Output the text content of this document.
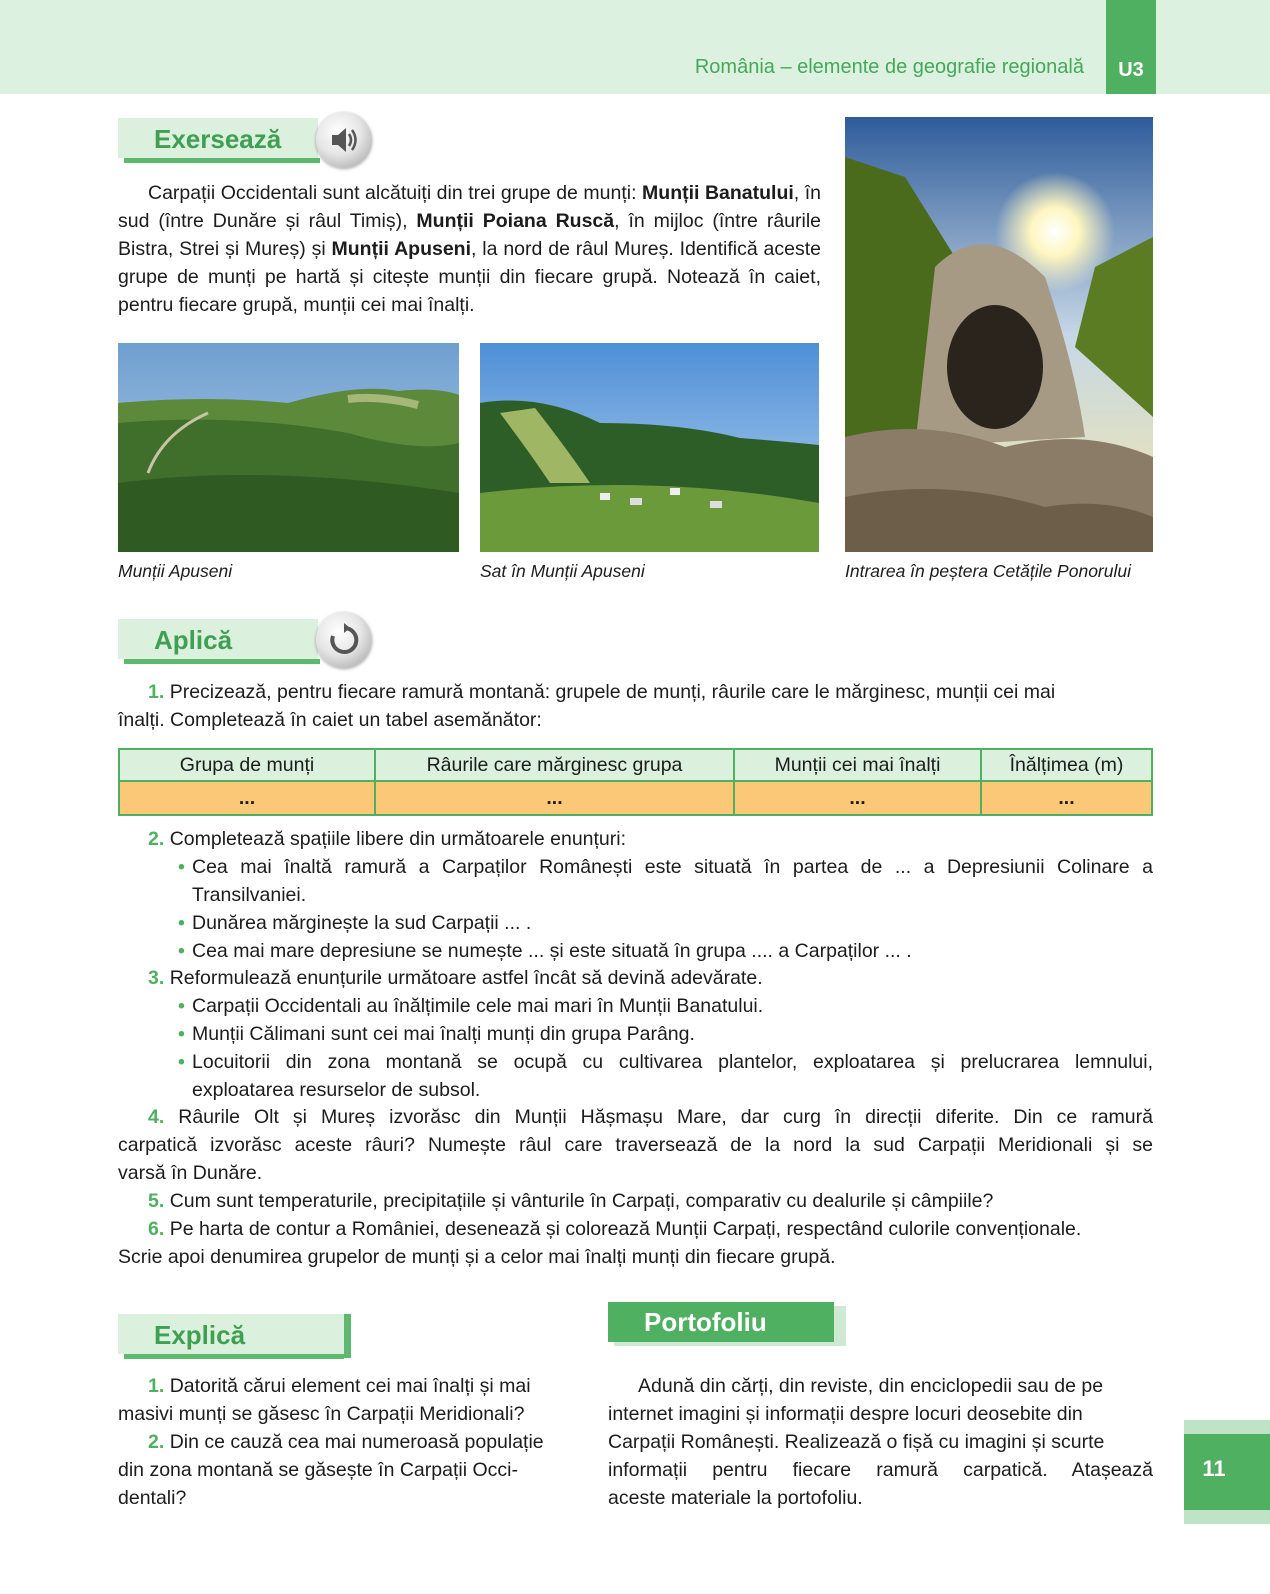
România – elemente de geografie regională	U3
Exersează
Carpații Occidentali sunt alcătuiți din trei grupe de munți: Munții Banatului, în sud (între Dunăre și râul Timiș), Munții Poiana Ruscă, în mijloc (între râurile Bistra, Strei și Mureș) și Munții Apuseni, la nord de râul Mureș. Identifică aceste grupe de munți pe hartă și citește munții din fiecare grupă. Notează în caiet, pentru fiecare grupă, munții cei mai înalți.
Munții Apuseni	Sat în Munții Apuseni	Intrarea în peștera Cetățile Ponorului
Aplică
1. Precizează, pentru fiecare ramură montană: grupele de munți, râurile care le mărginesc, munții cei mai
înalți. Completează în caiet un tabel asemănător:
Grupa de munți	Râurile care mărginesc grupa	Munții cei mai înalți	Înălțimea (m)
...	...	...	...
2. Completează spațiile libere din următoarele enunțuri:
• Cea mai înaltă ramură a Carpaților Românești este situată în partea de ... a Depresiunii Colinare a
Transilvaniei.
• Dunărea mărginește la sud Carpații ... .
• Cea mai mare depresiune se numește ... și este situată în grupa .... a Carpaților ... .
3. Reformulează enunțurile următoare astfel încât să devină adevărate.
• Carpații Occidentali au înălțimile cele mai mari în Munții Banatului.
• Munții Călimani sunt cei mai înalți munți din grupa Parâng.
• Locuitorii din zona montană se ocupă cu cultivarea plantelor, exploatarea și prelucrarea lemnului,
exploatarea resurselor de subsol.
4. Râurile Olt și Mureș izvorăsc din Munții Hășmașu Mare, dar curg în direcții diferite. Din ce ramură
carpatică izvorăsc aceste râuri? Numește râul care traversează de la nord la sud Carpații Meridionali și se
varsă în Dunăre.
5. Cum sunt temperaturile, precipitațiile și vânturile în Carpați, comparativ cu dealurile și câmpiile?
6. Pe harta de contur a României, desenează și colorează Munții Carpați, respectând culorile convenționale.
Scrie apoi denumirea grupelor de munți și a celor mai înalți munți din fiecare grupă.
Explică
1. Datorită cărui element cei mai înalți și mai
masivi munți se găsesc în Carpații Meridionali?
2. Din ce cauză cea mai numeroasă populație
din zona montană se găsește în Carpații Occi-
dentali?
Portofoliu
Adună din cărți, din reviste, din enciclopedii sau de pe
internet imagini și informații despre locuri deosebite din
Carpații Românești. Realizează o fișă cu imagini și scurte
informații pentru fiecare ramură carpatică. Atașează
aceste materiale la portofoliu.
11
